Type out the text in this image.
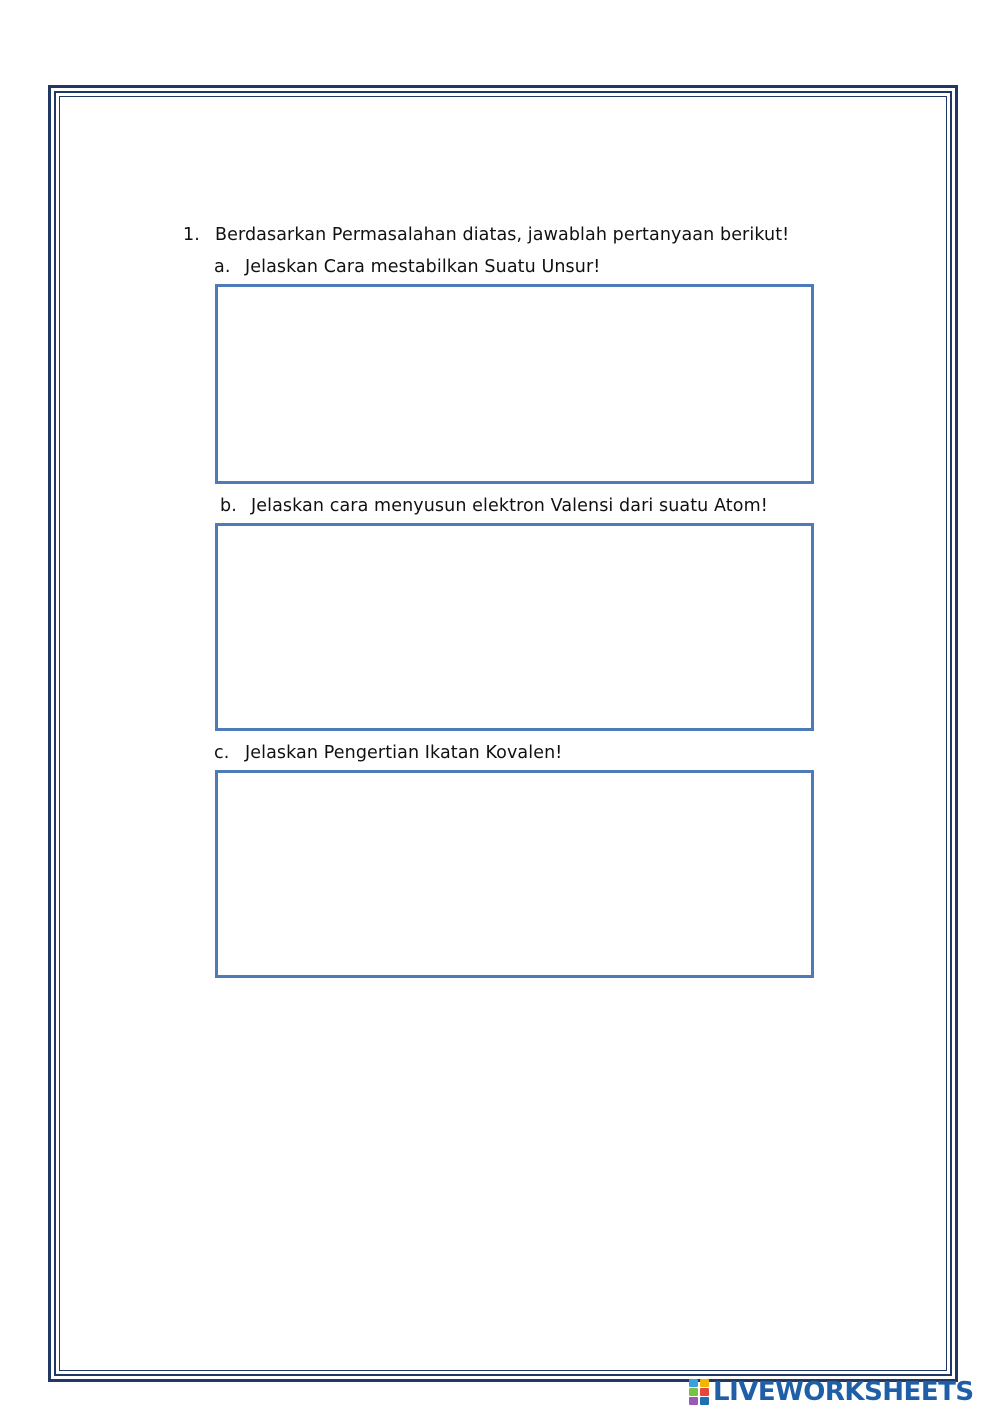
1. Berdasarkan Permasalahan diatas, jawablah pertanyaan berikut!
a. Jelaskan Cara mestabilkan Suatu Unsur!
b. Jelaskan cara menyusun elektron Valensi dari suatu Atom!
c. Jelaskan Pengertian Ikatan Kovalen!
LIVEWORKSHEETS
